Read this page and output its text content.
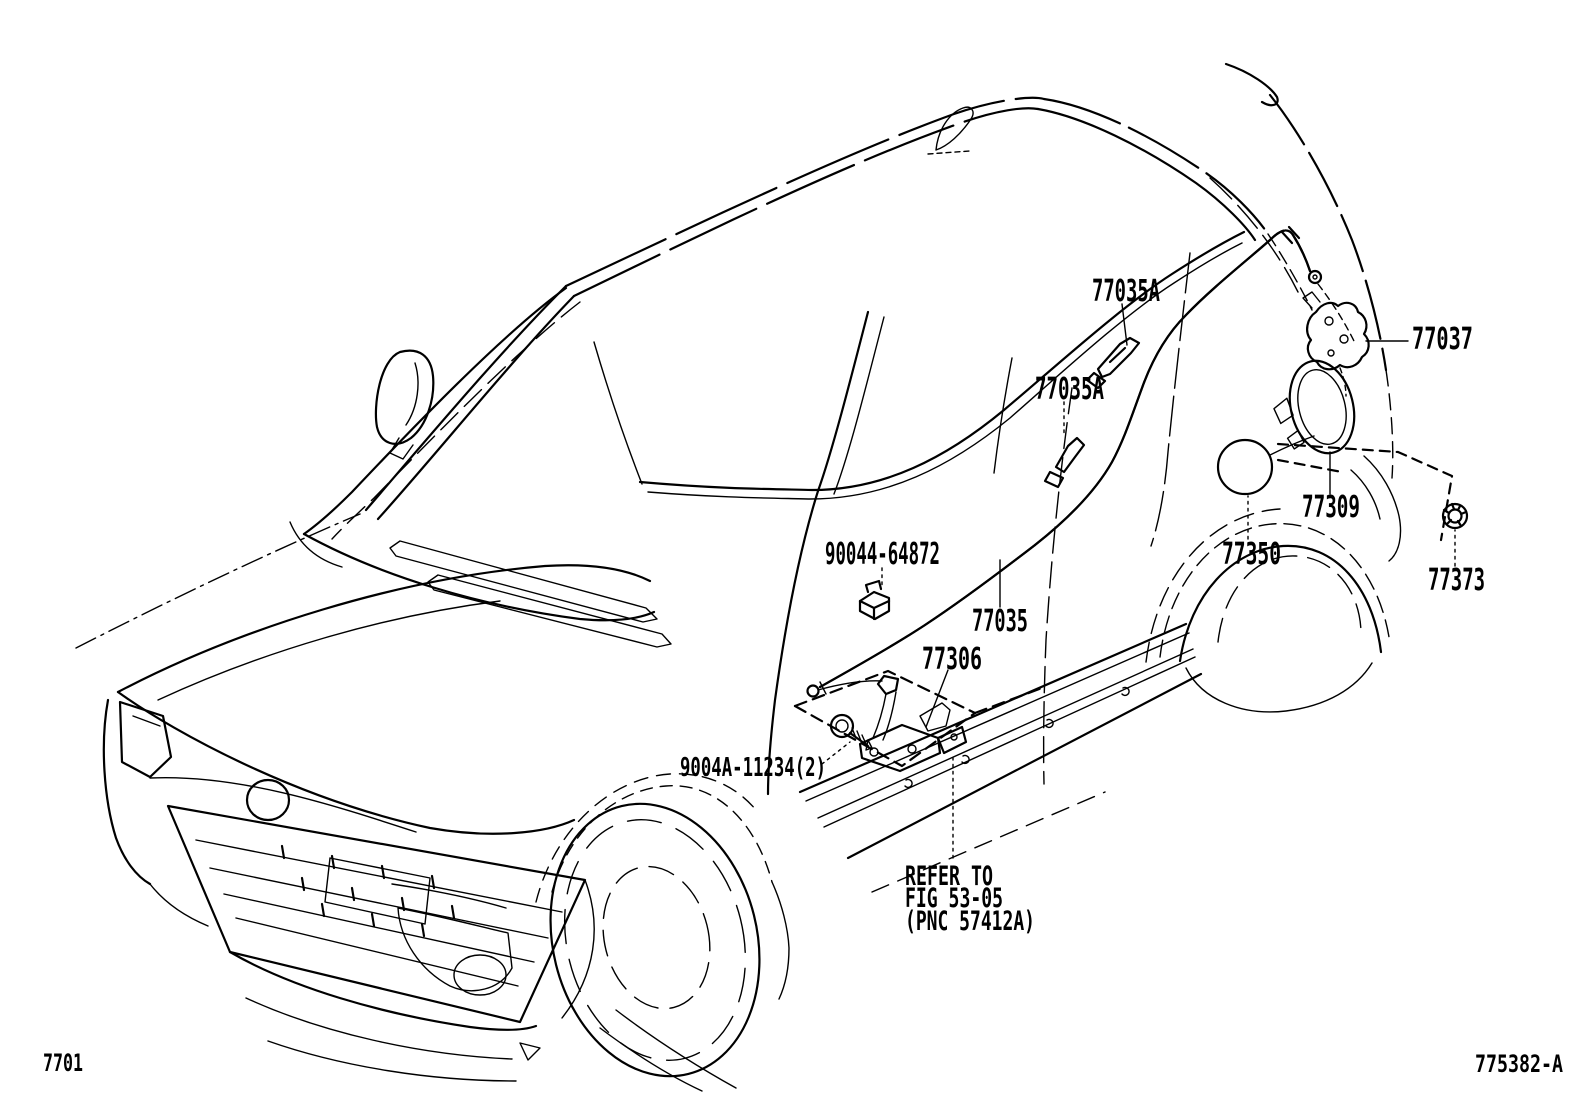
77035A
77035A
77037
77309
77350
77373
90044-64872
77035
77306
9004A-11234(2)
REFER TO
FIG 53-05
(PNC 57412A)
7701	775382-A
